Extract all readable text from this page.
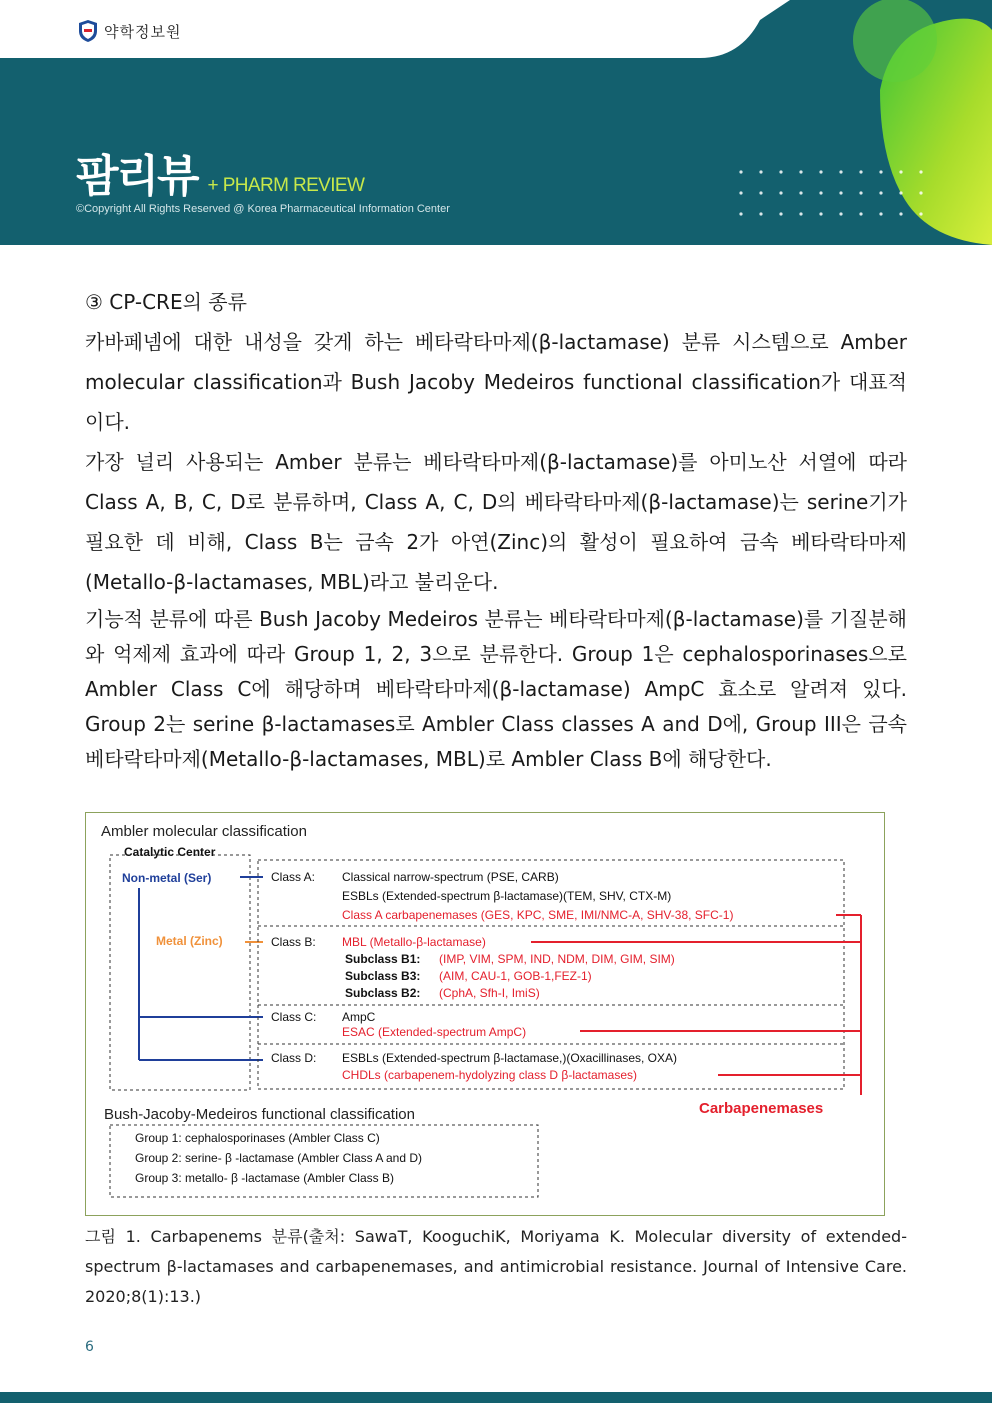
약학정보원
팜리뷰 + PHARM REVIEW
©Copyright All Rights Reserved @ Korea Pharmaceutical Information Center

③ CP-CRE의 종류

카바페넴에 대한 내성을 갖게 하는 베타락타마제(β-lactamase) 분류 시스템으로 Amber molecular classification과 Bush Jacoby Medeiros functional classification가 대표적이다.

가장 널리 사용되는 Amber 분류는 베타락타마제(β-lactamase)를 아미노산 서열에 따라 Class A, B, C, D로 분류하며, Class A, C, D의 베타락타마제(β-lactamase)는 serine기가 필요한 데 비해, Class B는 금속 2가 아연(Zinc)의 활성이 필요하여 금속 베타락타마제(Metallo-β-lactamases, MBL)라고 불리운다.

기능적 분류에 따른 Bush Jacoby Medeiros 분류는 베타락타마제(β-lactamase)를 기질분해와 억제제 효과에 따라 Group 1, 2, 3으로 분류한다. Group 1은 cephalosporinases으로 Ambler Class C에 해당하며 베타락타마제(β-lactamase) AmpC 효소로 알려져 있다. Group 2는 serine β-lactamases로 Ambler Class classes A and D에, Group III은 금속 베타락타마제(Metallo-β-lactamases, MBL)로 Ambler Class B에 해당한다.

Ambler molecular classification
Catalytic Center
Non-metal (Ser)
Metal (Zinc)
Class A: Classical narrow-spectrum (PSE, CARB)
ESBLs (Extended-spectrum β-lactamase)(TEM, SHV, CTX-M)
Class A carbapenemases (GES, KPC, SME, IMI/NMC-A, SHV-38, SFC-1)
Class B: MBL (Metallo-β-lactamase)
Subclass B1: (IMP, VIM, SPM, IND, NDM, DIM, GIM, SIM)
Subclass B3: (AIM, CAU-1, GOB-1,FEZ-1)
Subclass B2: (CphA, Sfh-I, ImiS)
Class C: AmpC
ESAC (Extended-spectrum AmpC)
Class D: ESBLs (Extended-spectrum β-lactamase,)(Oxacillinases, OXA)
CHDLs (carbapenem-hydolyzing class D β-lactamases)
Carbapenemases
Bush-Jacoby-Medeiros functional classification
Group 1: cephalosporinases (Ambler Class C)
Group 2: serine- β -lactamase (Ambler Class A and D)
Group 3: metallo- β -lactamase (Ambler Class B)
그림 1. Carbapenems 분류(출처: SawaT, KooguchiK, Moriyama K. Molecular diversity of extended-spectrum β-lactamases and carbapenemases, and antimicrobial resistance. Journal of Intensive Care. 2020;8(1):13.)
6
